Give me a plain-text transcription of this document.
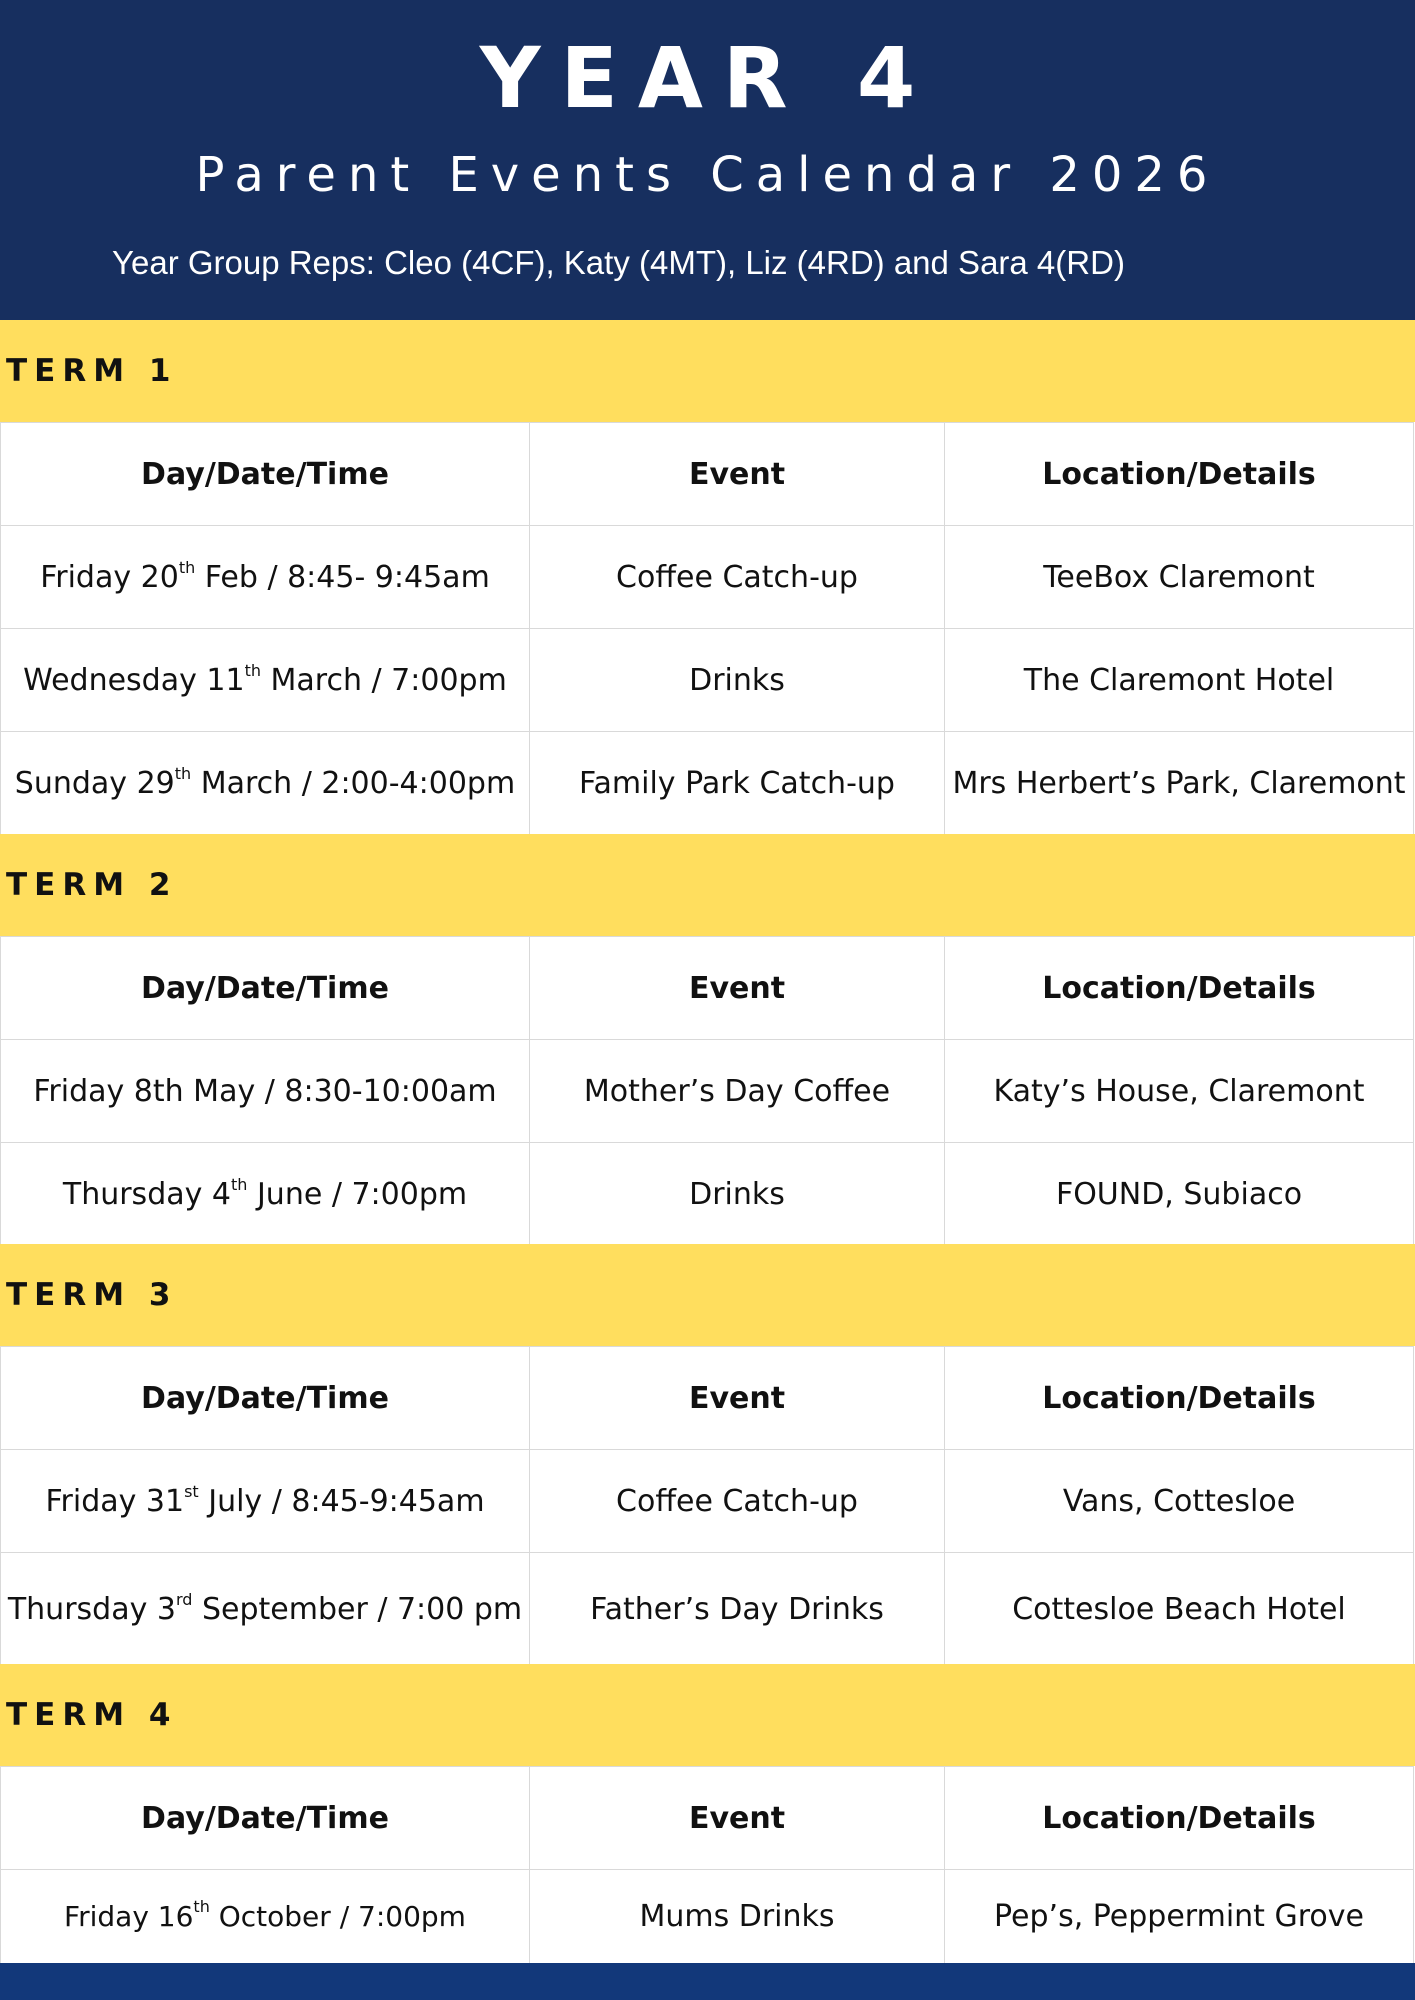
YEAR 4
Parent Events Calendar 2026
Year Group Reps: Cleo (4CF), Katy (4MT), Liz (4RD) and Sara 4(RD)
TERM 1
Day/Date/Time	Event	Location/Details
Friday 20th Feb / 8:45- 9:45am	Coffee Catch-up	TeeBox Claremont
Wednesday 11th March / 7:00pm	Drinks	The Claremont Hotel
Sunday 29th March / 2:00-4:00pm	Family Park Catch-up	Mrs Herbert’s Park, Claremont
TERM 2
Day/Date/Time	Event	Location/Details
Friday 8th May / 8:30-10:00am	Mother’s Day Coffee	Katy’s House, Claremont
Thursday 4th June / 7:00pm	Drinks	FOUND, Subiaco
TERM 3
Day/Date/Time	Event	Location/Details
Friday 31st July / 8:45-9:45am	Coffee Catch-up	Vans, Cottesloe
Thursday 3rd September / 7:00 pm	Father’s Day Drinks	Cottesloe Beach Hotel
TERM 4
Day/Date/Time	Event	Location/Details
Friday 16th October / 7:00pm	Mums Drinks	Pep’s, Peppermint Grove
